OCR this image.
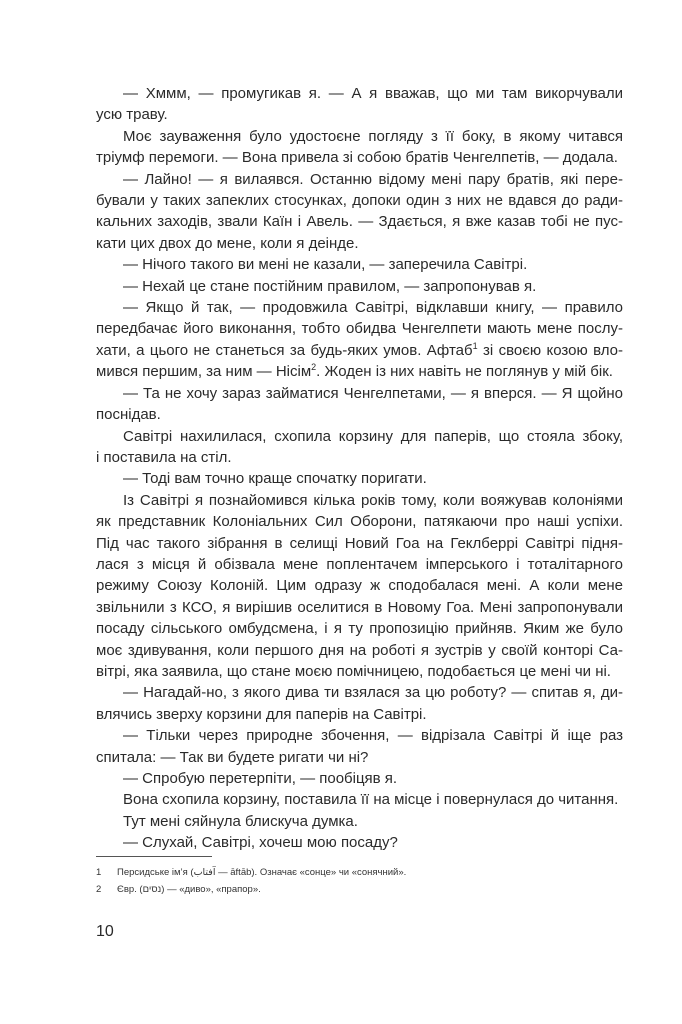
— Хммм, — промугикав я. — А я вважав, що ми там викорчували
усю траву.

Моє зауваження було удостоєне погляду з її боку, в якому читався
тріумф перемоги. — Вона привела зі собою братів Ченгелпетів, — додала.

— Лайно! — я вилаявся. Останню відому мені пару братів, які пере-
бували у таких запеклих стосунках, допоки один з них не вдався до ради-
кальних заходів, звали Каїн і Авель. — Здається, я вже казав тобі не пус-
кати цих двох до мене, коли я деінде.

— Нічого такого ви мені не казали, — заперечила Савітрі.

— Нехай це стане постійним правилом, — запропонував я.

— Якщо й так, — продовжила Савітрі, відклавши книгу, — правило
передбачає його виконання, тобто обидва Ченгелпети мають мене послу-
хати, а цього не станеться за будь-яких умов. Афтаб$^1$ зі своєю козою вло-
мився першим, за ним — Нісім$^2$. Жоден із них навіть не поглянув у мій бік.

— Та не хочу зараз займатися Ченгелпетами, — я вперся. — Я щойно
поснідав.

Савітрі нахилилася, схопила корзину для паперів, що стояла збоку,
і поставила на стіл.

— Тоді вам точно краще спочатку поригати.

Із Савітрі я познайомився кілька років тому, коли вояжував колоніями
як представник Колоніальних Сил Оборони, патякаючи про наші успіхи.
Під час такого зібрання в селищі Новий Гоа на Геклберрі Савітрі підня-
лася з місця й обізвала мене поплентачем імперського і тоталітарного
режиму Союзу Колоній. Цим одразу ж сподобалася мені. А коли мене
звільнили з КСО, я вирішив оселитися в Новому Гоа. Мені запропонували
посаду сільського омбудсмена, і я ту пропозицію прийняв. Яким же було
моє здивування, коли першого дня на роботі я зустрів у своїй конторі Са-
вітрі, яка заявила, що стане моєю помічницею, подобається це мені чи ні.

— Нагадай-но, з якого дива ти взялася за цю роботу? — спитав я, ди-
влячись зверху корзини для паперів на Савітрі.

— Тільки через природне збочення, — відрізала Савітрі й іще раз
спитала: — Так ви будете ригати чи ні?

— Спробую перетерпіти, — пообіцяв я.

Вона схопила корзину, поставила її на місце і повернулася до читання.

Тут мені сяйнула блискуча думка.

— Слухай, Савітрі, хочеш мою посаду?

1 Персидське ім’я (آفتاب — āftāb). Означає «сонце» чи «сонячний».
2 Євр. (נסים) — «диво», «прапор».
10
